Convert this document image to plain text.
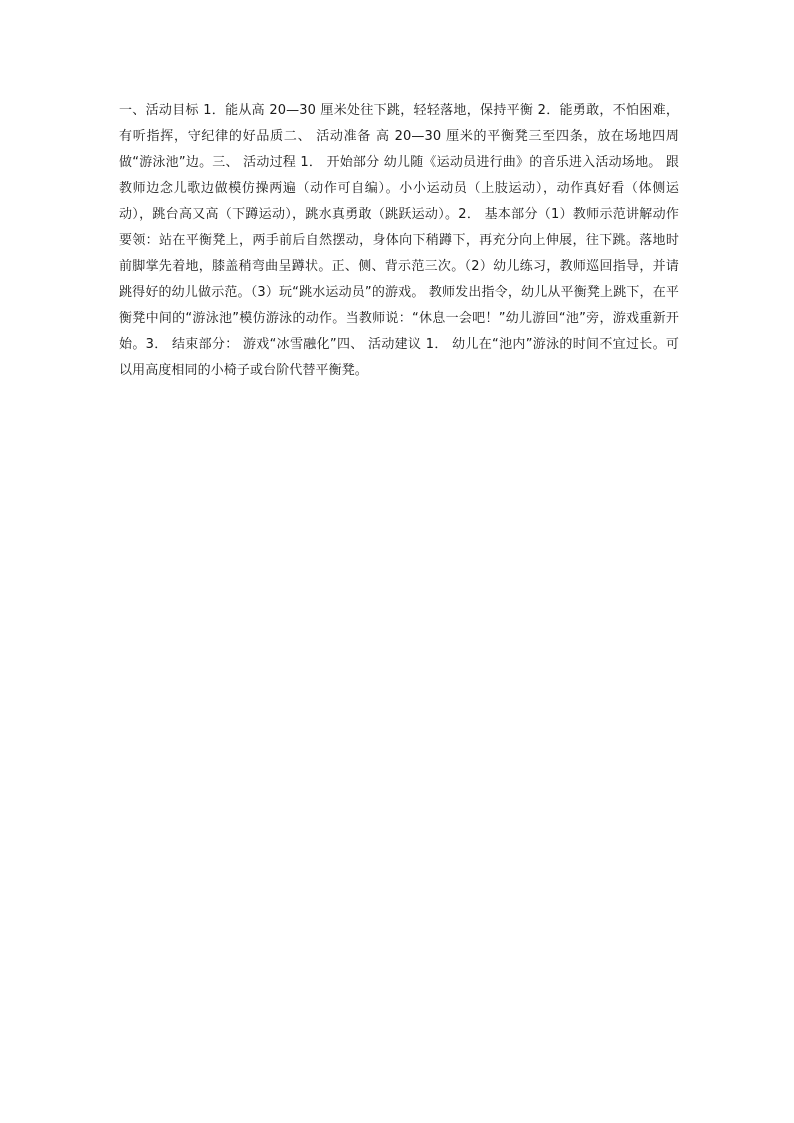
一、活动目标 1．能从高 20—30 厘米处往下跳，轻轻落地，保持平衡 2．能勇敢，不怕困难，有听指挥，守纪律的好品质二、 活动准备 高 20—30 厘米的平衡凳三至四条，放在场地四周做“游泳池”边。三、 活动过程 1． 开始部分 幼儿随《运动员进行曲》的音乐进入活动场地。 跟教师边念儿歌边做模仿操两遍（动作可自编）。小小运动员（上肢运动），动作真好看（体侧运动），跳台高又高（下蹲运动），跳水真勇敢（跳跃运动）。2． 基本部分（1）教师示范讲解动作要领：站在平衡凳上，两手前后自然摆动，身体向下稍蹲下，再充分向上伸展，往下跳。落地时前脚掌先着地，膝盖稍弯曲呈蹲状。正、侧、背示范三次。（2）幼儿练习，教师巡回指导，并请跳得好的幼儿做示范。（3）玩“跳水运动员”的游戏。 教师发出指令，幼儿从平衡凳上跳下，在平衡凳中间的“游泳池”模仿游泳的动作。当教师说：“休息一会吧！”幼儿游回“池”旁，游戏重新开始。3． 结束部分： 游戏“冰雪融化”四、 活动建议 1． 幼儿在“池内”游泳的时间不宜过长。可以用高度相同的小椅子或台阶代替平衡凳。
